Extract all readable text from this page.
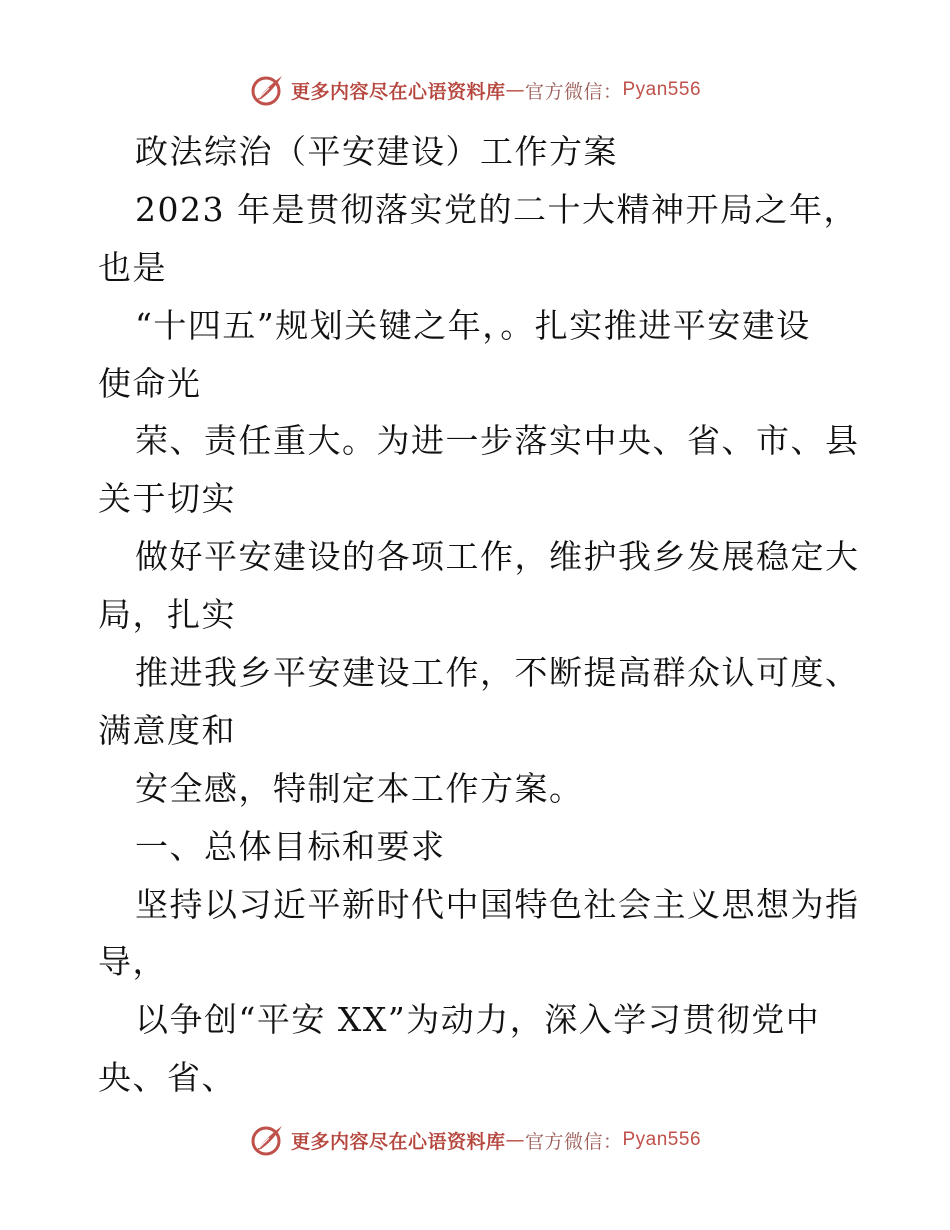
更多内容尽在心语资料库 — 官方微信： Pyan556
政法综治（平安建设）工作方案
2023 年是贯彻落实党的二十大精神开局之年，
也是
“十四五”规划关键之年，。扎实推进平安建设
使命光
荣、责任重大。为进一步落实中央、省、市、县
关于切实
做好平安建设的各项工作，维护我乡发展稳定大
局，扎实
推进我乡平安建设工作，不断提高群众认可度、
满意度和
安全感，特制定本工作方案。
一、总体目标和要求
坚持以习近平新时代中国特色社会主义思想为指
导，
以争创“平安 XX”为动力，深入学习贯彻党中
央、省、
更多内容尽在心语资料库 — 官方微信： Pyan556
